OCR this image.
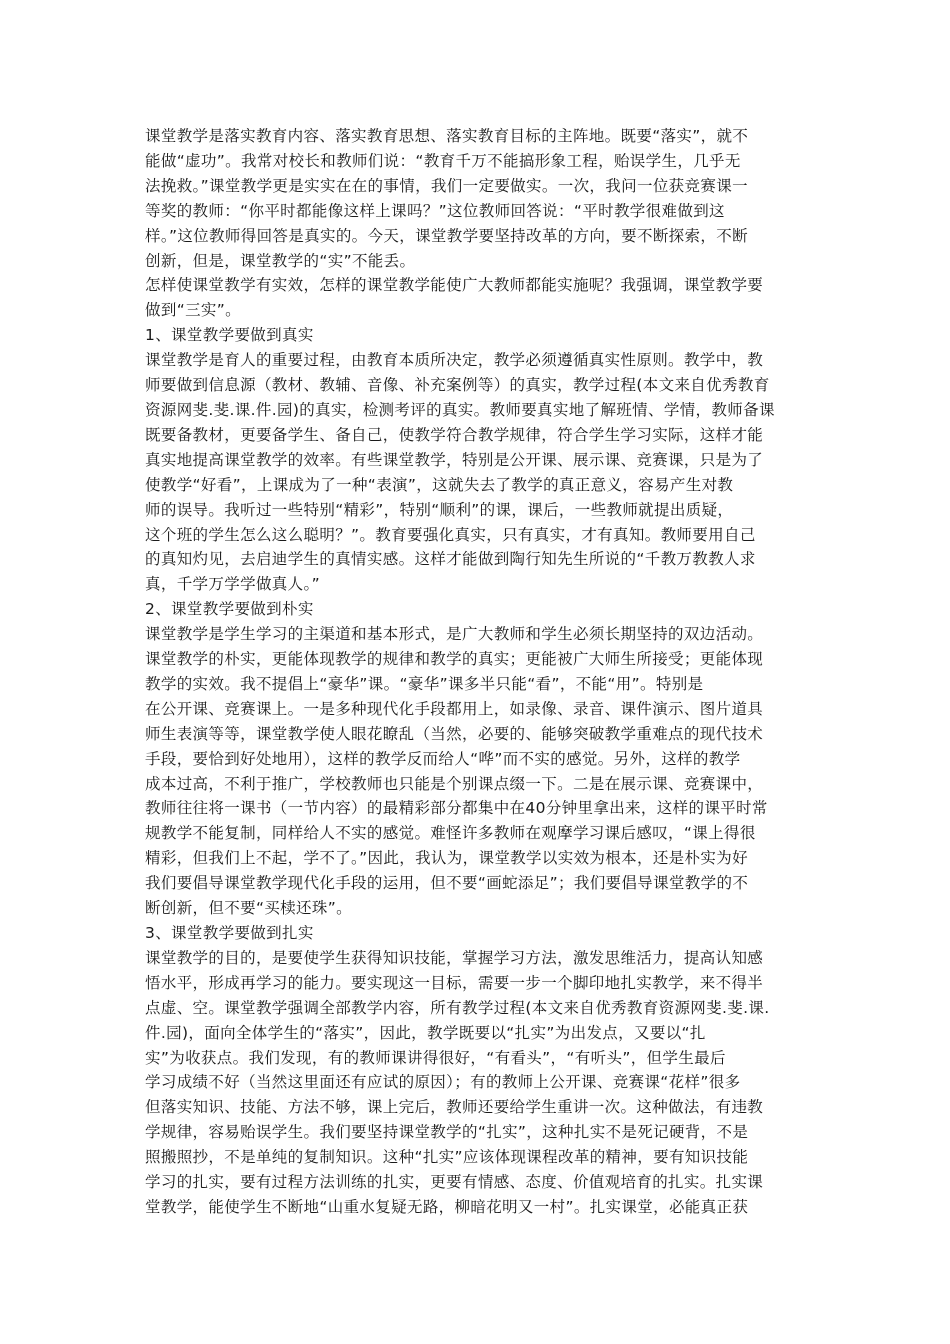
课堂教学是落实教育内容、落实教育思想、落实教育目标的主阵地。既要“落实”，就不
能做“虚功”。我常对校长和教师们说：“教育千万不能搞形象工程，贻误学生，几乎无
法挽救。”课堂教学更是实实在在的事情，我们一定要做实。一次，我问一位获竞赛课一
等奖的教师：“你平时都能像这样上课吗？”这位教师回答说：“平时教学很难做到这
样。”这位教师得回答是真实的。今天，课堂教学要坚持改革的方向，要不断探索，不断
创新，但是，课堂教学的“实”不能丢。

怎样使课堂教学有实效，怎样的课堂教学能使广大教师都能实施呢？我强调，课堂教学要
做到“三实”。

1、课堂教学要做到真实

课堂教学是育人的重要过程，由教育本质所决定，教学必须遵循真实性原则。教学中，教
师要做到信息源（教材、教辅、音像、补充案例等）的真实，教学过程(本文来自优秀教育
资源网斐.斐.课.件.园)的真实，检测考评的真实。教师要真实地了解班情、学情，教师备课
既要备教材，更要备学生、备自己，使教学符合教学规律，符合学生学习实际，这样才能
真实地提高课堂教学的效率。有些课堂教学，特别是公开课、展示课、竞赛课，只是为了
使教学“好看”，上课成为了一种“表演”，这就失去了教学的真正意义，容易产生对教
师的误导。我听过一些特别“精彩”，特别“顺利”的课，课后，一些教师就提出质疑，
这个班的学生怎么这么聪明？”。教育要强化真实，只有真实，才有真知。教师要用自己
的真知灼见，去启迪学生的真情实感。这样才能做到陶行知先生所说的“千教万教教人求
真，千学万学学做真人。”

2、课堂教学要做到朴实

课堂教学是学生学习的主渠道和基本形式，是广大教师和学生必须长期坚持的双边活动。
课堂教学的朴实，更能体现教学的规律和教学的真实；更能被广大师生所接受；更能体现
教学的实效。我不提倡上“豪华”课。“豪华”课多半只能“看”，不能“用”。特别是
在公开课、竞赛课上。一是多种现代化手段都用上，如录像、录音、课件演示、图片道具
师生表演等等，课堂教学使人眼花瞭乱（当然，必要的、能够突破教学重难点的现代技术
手段，要恰到好处地用），这样的教学反而给人“哗”而不实的感觉。另外，这样的教学
成本过高，不利于推广，学校教师也只能是个别课点缀一下。二是在展示课、竞赛课中，
教师往往将一课书（一节内容）的最精彩部分都集中在40分钟里拿出来，这样的课平时常
规教学不能复制，同样给人不实的感觉。难怪许多教师在观摩学习课后感叹，“课上得很
精彩，但我们上不起，学不了。”因此，我认为，课堂教学以实效为根本，还是朴实为好
我们要倡导课堂教学现代化手段的运用，但不要“画蛇添足”；我们要倡导课堂教学的不
断创新，但不要“买椟还珠”。

3、课堂教学要做到扎实

课堂教学的目的，是要使学生获得知识技能，掌握学习方法，激发思维活力，提高认知感
悟水平，形成再学习的能力。要实现这一目标，需要一步一个脚印地扎实教学，来不得半
点虚、空。课堂教学强调全部教学内容，所有教学过程(本文来自优秀教育资源网斐.斐.课.
件.园)，面向全体学生的“落实”，因此，教学既要以“扎实”为出发点，又要以“扎
实”为收获点。我们发现，有的教师课讲得很好，“有看头”，“有听头”，但学生最后
学习成绩不好（当然这里面还有应试的原因）；有的教师上公开课、竞赛课“花样”很多
但落实知识、技能、方法不够，课上完后，教师还要给学生重讲一次。这种做法，有违教
学规律，容易贻误学生。我们要坚持课堂教学的“扎实”，这种扎实不是死记硬背，不是
照搬照抄，不是单纯的复制知识。这种“扎实”应该体现课程改革的精神，要有知识技能
学习的扎实，要有过程方法训练的扎实，更要有情感、态度、价值观培育的扎实。扎实课
堂教学，能使学生不断地“山重水复疑无路，柳暗花明又一村”。扎实课堂，必能真正获
